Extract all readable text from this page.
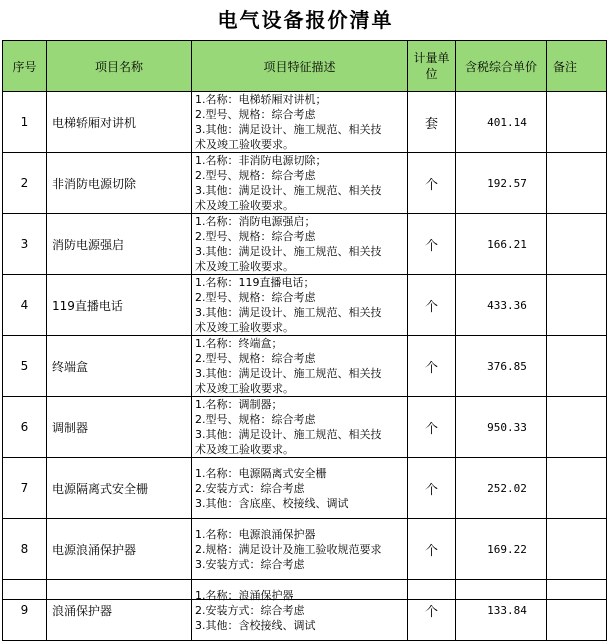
电气设备报价清单
序号	项目名称	项目特征描述	计量单位	含税综合单价	备注
1	电梯轿厢对讲机	1.名称：电梯轿厢对讲机；
2.型号、规格：综合考虑
3.其他：满足设计、施工规范、相关技
术及竣工验收要求。	套	401.14	
2	非消防电源切除	1.名称：非消防电源切除；
2.型号、规格：综合考虑
3.其他：满足设计、施工规范、相关技
术及竣工验收要求。	个	192.57	
3	消防电源强启	1.名称：消防电源强启；
2.型号、规格：综合考虑
3.其他：满足设计、施工规范、相关技
术及竣工验收要求。	个	166.21	
4	119直播电话	1.名称：119直播电话；
2.型号、规格：综合考虑
3.其他：满足设计、施工规范、相关技
术及竣工验收要求。	个	433.36	
5	终端盒	1.名称：终端盒；
2.型号、规格：综合考虑
3.其他：满足设计、施工规范、相关技
术及竣工验收要求。	个	376.85	
6	调制器	1.名称：调制器；
2.型号、规格：综合考虑
3.其他：满足设计、施工规范、相关技
术及竣工验收要求。	个	950.33	
7	电源隔离式安全栅	1.名称：电源隔离式安全栅
2.安装方式：综合考虑
3.其他：含底座、校接线、调试	个	252.02	
8	电源浪涌保护器	1.名称：电源浪涌保护器
2.规格：满足设计及施工验收规范要求
3.安装方式：综合考虑	个	169.22	
9	浪涌保护器	1.名称：浪涌保护器
2.安装方式：综合考虑
3.其他：含校接线、调试	个	133.84	
